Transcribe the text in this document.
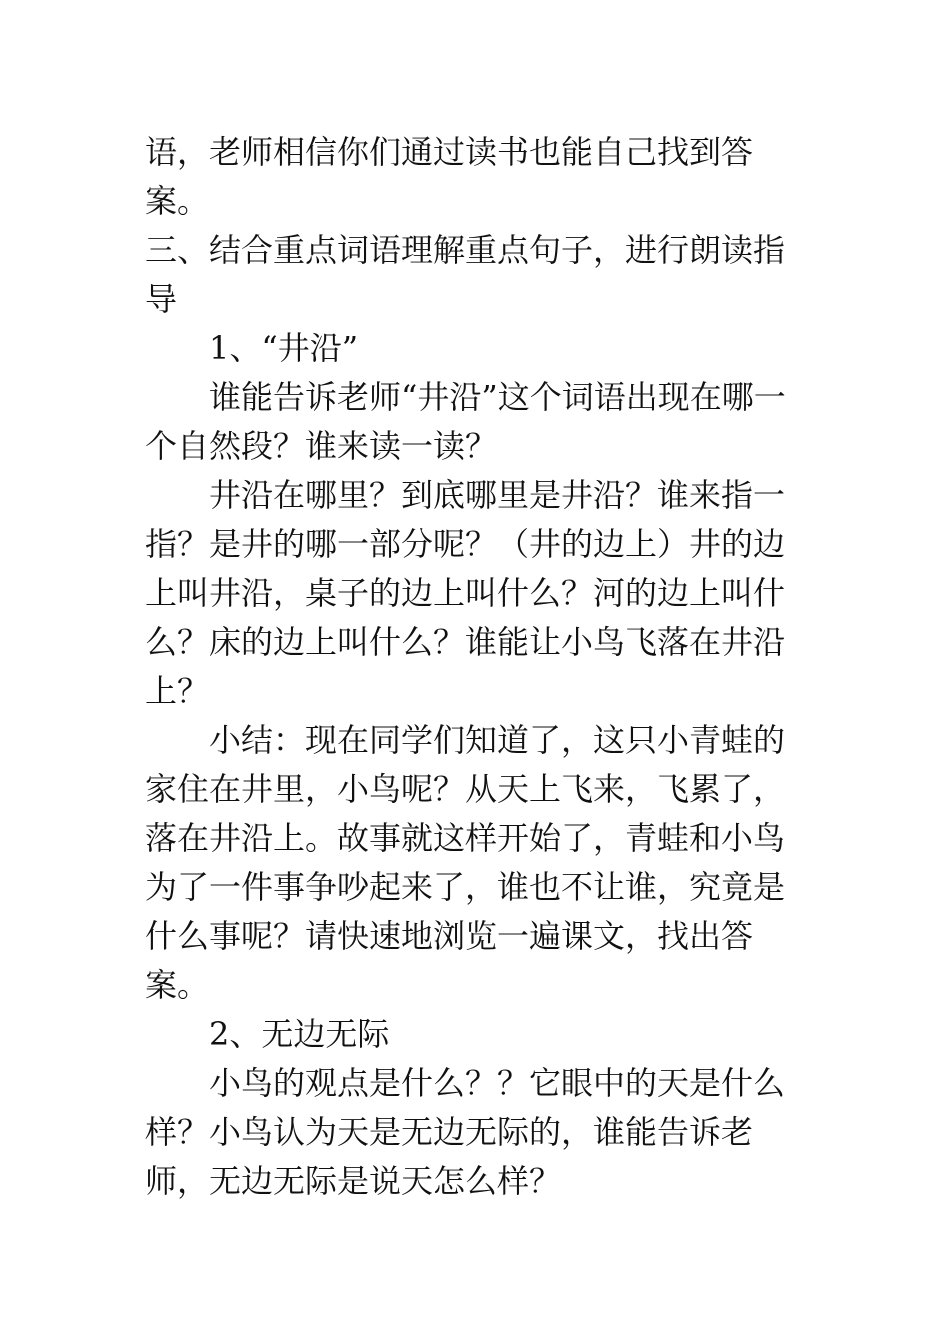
语，老师相信你们通过读书也能自己找到答案。

三、结合重点词语理解重点句子，进行朗读指导

1、“井沿”

谁能告诉老师“井沿”这个词语出现在哪一个自然段？谁来读一读？

井沿在哪里？到底哪里是井沿？谁来指一指？是井的哪一部分呢？（井的边上）井的边上叫井沿，桌子的边上叫什么？河的边上叫什么？床的边上叫什么？谁能让小鸟飞落在井沿上？

小结：现在同学们知道了，这只小青蛙的家住在井里，小鸟呢？从天上飞来，飞累了，落在井沿上。故事就这样开始了，青蛙和小鸟为了一件事争吵起来了，谁也不让谁，究竟是什么事呢？请快速地浏览一遍课文，找出答案。

2、无边无际

小鸟的观点是什么？？它眼中的天是什么样？小鸟认为天是无边无际的，谁能告诉老师，无边无际是说天怎么样？
